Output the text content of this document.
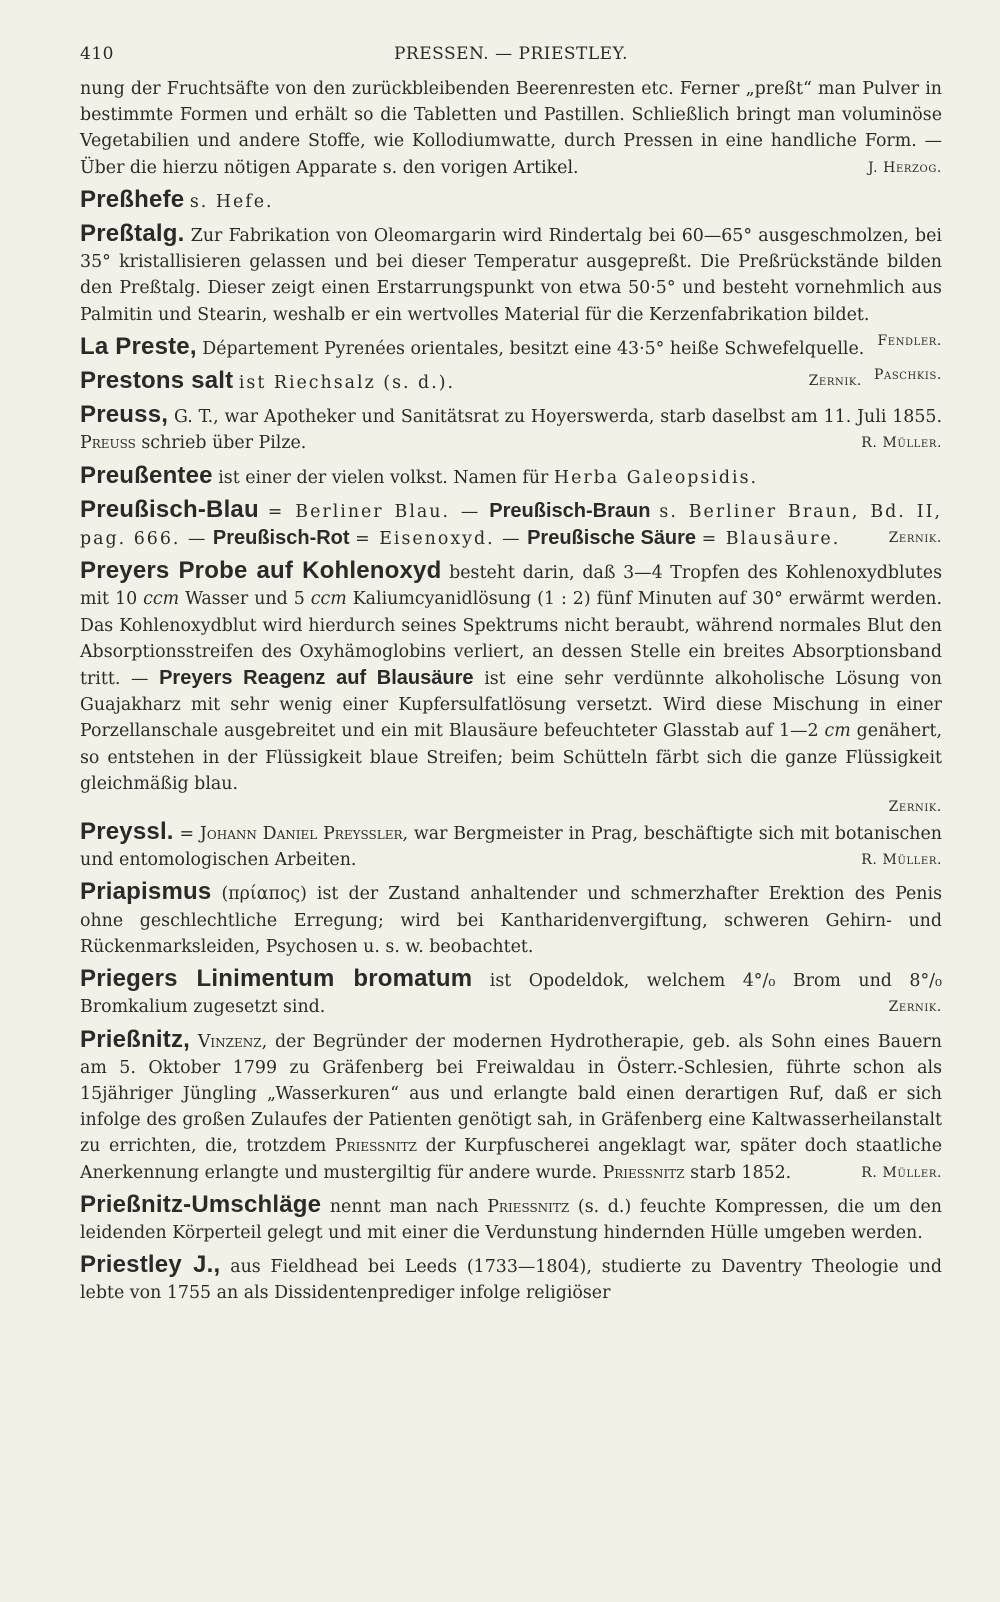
410	PRESSEN. — PRIESTLEY.

nung der Fruchtsäfte von den zurückbleibenden Beerenresten etc. Ferner „preßt“ man Pulver in bestimmte Formen und erhält so die Tabletten und Pastillen. Schließlich bringt man voluminöse Vegetabilien und andere Stoffe, wie Kollodiumwatte, durch Pressen in eine handliche Form. — Über die hierzu nötigen Apparate s. den vorigen Artikel.	J. Herzog.

Preßhefe s. Hefe.

Preßtalg. Zur Fabrikation von Oleomargarin wird Rindertalg bei 60—65° ausgeschmolzen, bei 35° kristallisieren gelassen und bei dieser Temperatur ausgepreßt. Die Preßrückstände bilden den Preßtalg. Dieser zeigt einen Erstarrungspunkt von etwa 50·5° und besteht vornehmlich aus Palmitin und Stearin, weshalb er ein wertvolles Material für die Kerzenfabrikation bildet.
Fendler.

La Preste, Département Pyrenées orientales, besitzt eine 43·5° heiße Schwefelquelle.
Paschkis.

Prestons salt ist Riechsalz (s. d.).	Zernik.

Preuss, G. T., war Apotheker und Sanitätsrat zu Hoyerswerda, starb daselbst am 11. Juli 1855. Preuss schrieb über Pilze.	R. Müller.

Preußentee ist einer der vielen volkst. Namen für Herba Galeopsidis.

Preußisch-Blau = Berliner Blau. — Preußisch-Braun s. Berliner Braun, Bd. II, pag. 666. — Preußisch-Rot = Eisenoxyd. — Preußische Säure = Blausäure.	Zernik.

Preyers Probe auf Kohlenoxyd besteht darin, daß 3—4 Tropfen des Kohlenoxydblutes mit 10 ccm Wasser und 5 ccm Kaliumcyanidlösung (1 : 2) fünf Minuten auf 30° erwärmt werden. Das Kohlenoxydblut wird hierdurch seines Spektrums nicht beraubt, während normales Blut den Absorptionsstreifen des Oxyhämoglobins verliert, an dessen Stelle ein breites Absorptionsband tritt. — Preyers Reagenz auf Blausäure ist eine sehr verdünnte alkoholische Lösung von Guajakharz mit sehr wenig einer Kupfersulfatlösung versetzt. Wird diese Mischung in einer Porzellanschale ausgebreitet und ein mit Blausäure befeuchteter Glasstab auf 1—2 cm genähert, so entstehen in der Flüssigkeit blaue Streifen; beim Schütteln färbt sich die ganze Flüssigkeit gleichmäßig blau.

Zernik.

Preyssl. = Johann Daniel Preyssler, war Bergmeister in Prag, beschäftigte sich mit botanischen und entomologischen Arbeiten.	R. Müller.

Priapismus (πρίαπος) ist der Zustand anhaltender und schmerzhafter Erektion des Penis ohne geschlechtliche Erregung; wird bei Kantharidenvergiftung, schweren Gehirn- und Rückenmarksleiden, Psychosen u. s. w. beobachtet.

Priegers Linimentum bromatum ist Opodeldok, welchem 4°/₀ Brom und 8°/₀ Bromkalium zugesetzt sind.	Zernik.

Prießnitz, Vinzenz, der Begründer der modernen Hydrotherapie, geb. als Sohn eines Bauern am 5. Oktober 1799 zu Gräfenberg bei Freiwaldau in Österr.-Schlesien, führte schon als 15jähriger Jüngling „Wasserkuren“ aus und erlangte bald einen derartigen Ruf, daß er sich infolge des großen Zulaufes der Patienten genötigt sah, in Gräfenberg eine Kaltwasserheilanstalt zu errichten, die, trotzdem Priessnitz der Kurpfuscherei angeklagt war, später doch staatliche Anerkennung erlangte und mustergiltig für andere wurde. Priessnitz starb 1852.	R. Müller.

Prießnitz-Umschläge nennt man nach Priessnitz (s. d.) feuchte Kompressen, die um den leidenden Körperteil gelegt und mit einer die Verdunstung hindernden Hülle umgeben werden.

Priestley J., aus Fieldhead bei Leeds (1733—1804), studierte zu Daventry Theologie und lebte von 1755 an als Dissidentenprediger infolge religiöser
